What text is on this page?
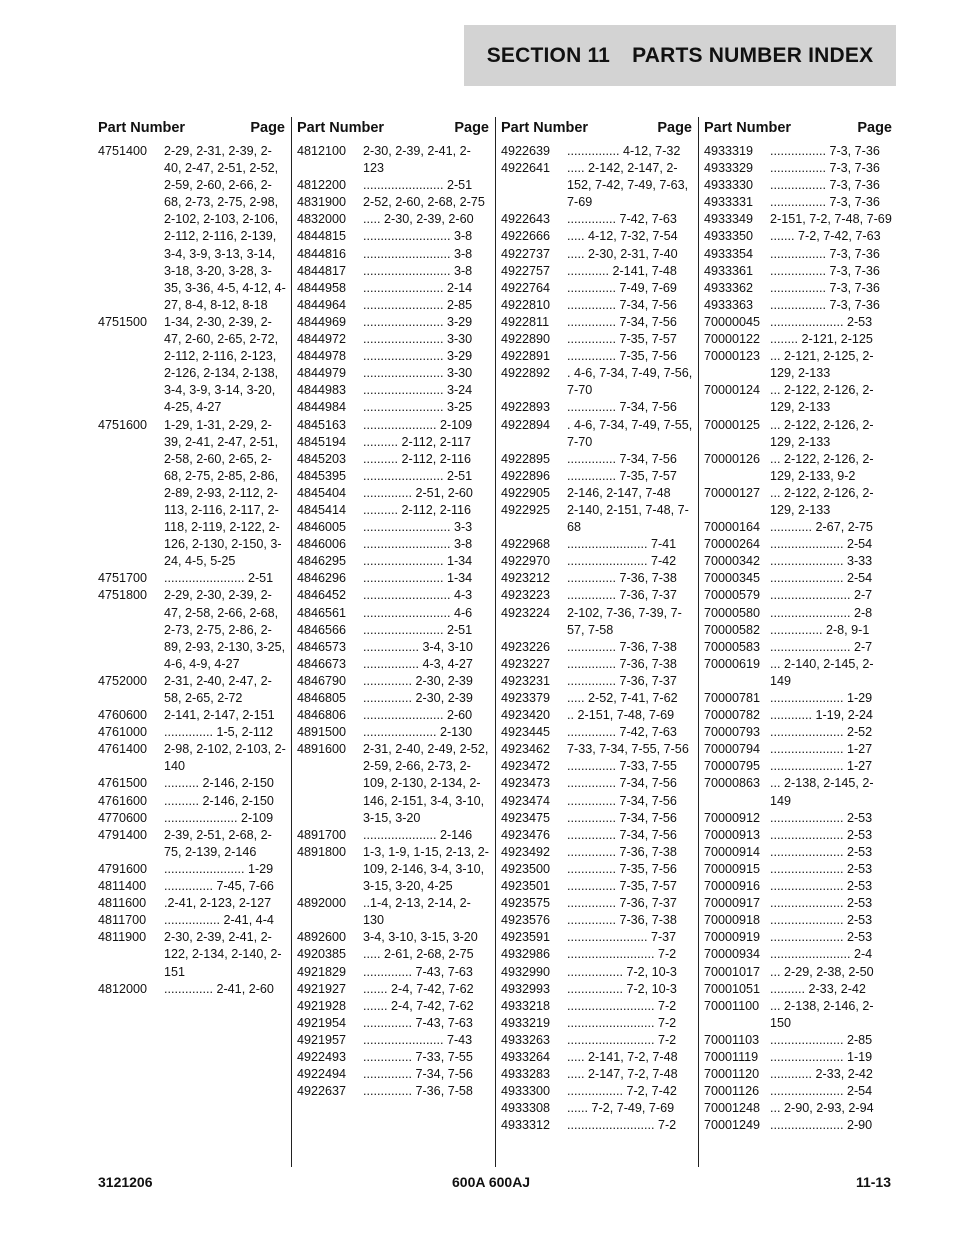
SECTION 11 PARTS NUMBER INDEX
Part Number	Page
4751400	2-29, 2-31, 2-39, 2-40, 2-47, 2-51, 2-52, 2-59, 2-60, 2-66, 2-68, 2-73, 2-75, 2-98, 2-102, 2-103, 2-106, 2-112, 2-116, 2-139, 3-4, 3-9, 3-13, 3-14, 3-18, 3-20, 3-28, 3-35, 3-36, 4-5, 4-12, 4-27, 8-4, 8-12, 8-18
4751500	1-34, 2-30, 2-39, 2-47, 2-60, 2-65, 2-72, 2-112, 2-116, 2-123, 2-126, 2-134, 2-138, 3-4, 3-9, 3-14, 3-20, 4-25, 4-27
4751600	1-29, 1-31, 2-29, 2-39, 2-41, 2-47, 2-51, 2-58, 2-60, 2-65, 2-68, 2-75, 2-85, 2-86, 2-89, 2-93, 2-112, 2-113, 2-116, 2-117, 2-118, 2-119, 2-122, 2-126, 2-130, 2-150, 3-24, 4-5, 5-25
4751700	....................... 2-51
4751800	2-29, 2-30, 2-39, 2-47, 2-58, 2-66, 2-68, 2-73, 2-75, 2-86, 2-89, 2-93, 2-130, 3-25, 4-6, 4-9, 4-27
4752000	2-31, 2-40, 2-47, 2-58, 2-65, 2-72
4760600	2-141, 2-147, 2-151
4761000	.............. 1-5, 2-112
4761400	2-98, 2-102, 2-103, 2-140
4761500	.......... 2-146, 2-150
4761600	.......... 2-146, 2-150
4770600	..................... 2-109
4791400	2-39, 2-51, 2-68, 2-75, 2-139, 2-146
4791600	....................... 1-29
4811400	.............. 7-45, 7-66
4811600	.2-41, 2-123, 2-127
4811700	................ 2-41, 4-4
4811900	2-30, 2-39, 2-41, 2-122, 2-134, 2-140, 2-151
4812000	.............. 2-41, 2-60
Part Number	Page
4812100	2-30, 2-39, 2-41, 2-123
4812200	....................... 2-51
4831900	2-52, 2-60, 2-68, 2-75
4832000	..... 2-30, 2-39, 2-60
4844815	......................... 3-8
4844816	......................... 3-8
4844817	......................... 3-8
4844958	....................... 2-14
4844964	....................... 2-85
4844969	....................... 3-29
4844972	....................... 3-30
4844978	....................... 3-29
4844979	....................... 3-30
4844983	....................... 3-24
4844984	....................... 3-25
4845163	..................... 2-109
4845194	.......... 2-112, 2-117
4845203	.......... 2-112, 2-116
4845395	....................... 2-51
4845404	.............. 2-51, 2-60
4845414	.......... 2-112, 2-116
4846005	......................... 3-3
4846006	......................... 3-8
4846295	....................... 1-34
4846296	....................... 1-34
4846452	......................... 4-3
4846561	......................... 4-6
4846566	....................... 2-51
4846573	................ 3-4, 3-10
4846673	................ 4-3, 4-27
4846790	.............. 2-30, 2-39
4846805	.............. 2-30, 2-39
4846806	....................... 2-60
4891500	..................... 2-130
4891600	2-31, 2-40, 2-49, 2-52, 2-59, 2-66, 2-73, 2-109, 2-130, 2-134, 2-146, 2-151, 3-4, 3-10, 3-15, 3-20
4891700	..................... 2-146
4891800	1-3, 1-9, 1-15, 2-13, 2-109, 2-146, 3-4, 3-10, 3-15, 3-20, 4-25
4892000	..1-4, 2-13, 2-14, 2-130
4892600	3-4, 3-10, 3-15, 3-20
4920385	..... 2-61, 2-68, 2-75
4921829	.............. 7-43, 7-63
4921927	....... 2-4, 7-42, 7-62
4921928	....... 2-4, 7-42, 7-62
4921954	.............. 7-43, 7-63
4921957	....................... 7-43
4922493	.............. 7-33, 7-55
4922494	.............. 7-34, 7-56
4922637	.............. 7-36, 7-58
Part Number	Page
4922639	............... 4-12, 7-32
4922641	..... 2-142, 2-147, 2-152, 7-42, 7-49, 7-63, 7-69
4922643	.............. 7-42, 7-63
4922666	..... 4-12, 7-32, 7-54
4922737	..... 2-30, 2-31, 7-40
4922757	............ 2-141, 7-48
4922764	.............. 7-49, 7-69
4922810	.............. 7-34, 7-56
4922811	.............. 7-34, 7-56
4922890	.............. 7-35, 7-57
4922891	.............. 7-35, 7-56
4922892	. 4-6, 7-34, 7-49, 7-56, 7-70
4922893	.............. 7-34, 7-56
4922894	. 4-6, 7-34, 7-49, 7-55, 7-70
4922895	.............. 7-34, 7-56
4922896	.............. 7-35, 7-57
4922905	2-146, 2-147, 7-48
4922925	2-140, 2-151, 7-48, 7-68
4922968	....................... 7-41
4922970	....................... 7-42
4923212	.............. 7-36, 7-38
4923223	.............. 7-36, 7-37
4923224	2-102, 7-36, 7-39, 7-57, 7-58
4923226	.............. 7-36, 7-38
4923227	.............. 7-36, 7-38
4923231	.............. 7-36, 7-37
4923379	..... 2-52, 7-41, 7-62
4923420	.. 2-151, 7-48, 7-69
4923445	.............. 7-42, 7-63
4923462	7-33, 7-34, 7-55, 7-56
4923472	.............. 7-33, 7-55
4923473	.............. 7-34, 7-56
4923474	.............. 7-34, 7-56
4923475	.............. 7-34, 7-56
4923476	.............. 7-34, 7-56
4923492	.............. 7-36, 7-38
4923500	.............. 7-35, 7-56
4923501	.............. 7-35, 7-57
4923575	.............. 7-36, 7-37
4923576	.............. 7-36, 7-38
4923591	....................... 7-37
4932986	......................... 7-2
4932990	................ 7-2, 10-3
4932993	................ 7-2, 10-3
4933218	......................... 7-2
4933219	......................... 7-2
4933263	......................... 7-2
4933264	..... 2-141, 7-2, 7-48
4933283	..... 2-147, 7-2, 7-48
4933300	................ 7-2, 7-42
4933308	...... 7-2, 7-49, 7-69
4933312	......................... 7-2
Part Number	Page
4933319	................ 7-3, 7-36
4933329	................ 7-3, 7-36
4933330	................ 7-3, 7-36
4933331	................ 7-3, 7-36
4933349	2-151, 7-2, 7-48, 7-69
4933350	....... 7-2, 7-42, 7-63
4933354	................ 7-3, 7-36
4933361	................ 7-3, 7-36
4933362	................ 7-3, 7-36
4933363	................ 7-3, 7-36
70000045 ..................... 2-53
70000122 ........ 2-121, 2-125
70000123 ... 2-121, 2-125, 2-129, 2-133
70000124 ... 2-122, 2-126, 2-129, 2-133
70000125 ... 2-122, 2-126, 2-129, 2-133
70000126 ... 2-122, 2-126, 2-129, 2-133, 9-2
70000127 ... 2-122, 2-126, 2-129, 2-133
70000164 ............ 2-67, 2-75
70000264 ..................... 2-54
70000342 ..................... 3-33
70000345 ..................... 2-54
70000579 ....................... 2-7
70000580 ....................... 2-8
70000582 ............... 2-8, 9-1
70000583 ....................... 2-7
70000619 ... 2-140, 2-145, 2-149
70000781 ..................... 1-29
70000782 ............ 1-19, 2-24
70000793 ..................... 2-52
70000794 ..................... 1-27
70000795 ..................... 1-27
70000863 ... 2-138, 2-145, 2-149
70000912 ..................... 2-53
70000913 ..................... 2-53
70000914 ..................... 2-53
70000915 ..................... 2-53
70000916 ..................... 2-53
70000917 ..................... 2-53
70000918 ..................... 2-53
70000919 ..................... 2-53
70000934 ....................... 2-4
70001017 ... 2-29, 2-38, 2-50
70001051 .......... 2-33, 2-42
70001100 ... 2-138, 2-146, 2-150
70001103 ..................... 2-85
70001119 ..................... 1-19
70001120 ............ 2-33, 2-42
70001126 ..................... 2-54
70001248 ... 2-90, 2-93, 2-94
70001249 ..................... 2-90
3121206	600A 600AJ	11-13
